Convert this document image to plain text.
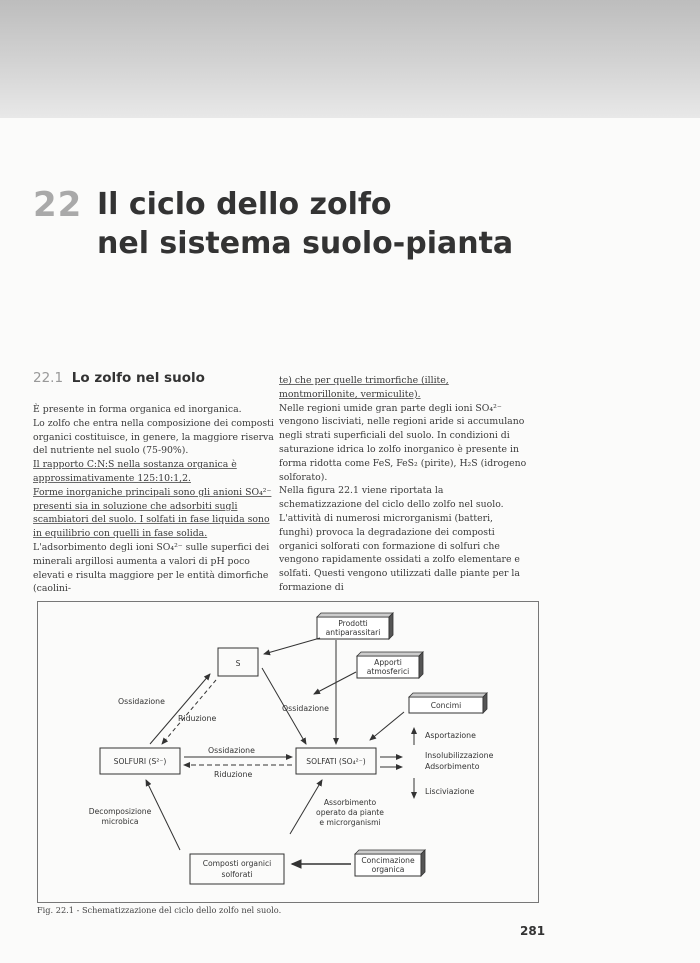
22 Il ciclo dello zolfo
nel sistema suolo-pianta
22.1 Lo zolfo nel suolo

È presente in forma organica ed inorganica.

Lo zolfo che entra nella composizione dei composti organici costituisce, in genere, la maggiore riserva del nutriente nel suolo (75-90%).

Il rapporto C:N:S nella sostanza organica è approssimativamente 125:10:1,2.

Forme inorganiche principali sono gli anioni SO₄²⁻ presenti sia in soluzione che adsorbiti sugli scambiatori del suolo. I solfati in fase liquida sono in equilibrio con quelli in fase solida.

L'adsorbimento degli ioni SO₄²⁻ sulle superfici dei minerali argillosi aumenta a valori di pH poco elevati e risulta maggiore per le entità dimorfiche (caolini-

te) che per quelle trimorfiche (illite, montmorillonite, vermiculite).

Nelle regioni umide gran parte degli ioni SO₄²⁻ vengono lisciviati, nelle regioni aride si accumulano negli strati superficiali del suolo. In condizioni di saturazione idrica lo zolfo inorganico è presente in forma ridotta come FeS, FeS₂ (pirite), H₂S (idrogeno solforato).

Nella figura 22.1 viene riportata la schematizzazione del ciclo dello zolfo nel suolo.

L'attività di numerosi microrganismi (batteri, funghi) provoca la degradazione dei composti organici solforati con formazione di solfuri che vengono rapidamente ossidati a zolfo elementare e solfati. Questi vengono utilizzati dalle piante per la formazione di

S
SOLFURI (S²⁻)	SOLFATI (SO₄²⁻)
Composti organici
solforati
Prodotti
antiparassitari
Apporti
atmosferici
Concimi
Concimazione
organica
Ossidazione
Riduzione
Ossidazione
Ossidazione
Riduzione
Asportazione
Insolubilizzazione
Adsorbimento
Lisciviazione
Decomposizione
microbica
Assorbimento
operato da piante
e microrganismi
Fig. 22.1 - Schematizzazione del ciclo dello zolfo nel suolo.
281
